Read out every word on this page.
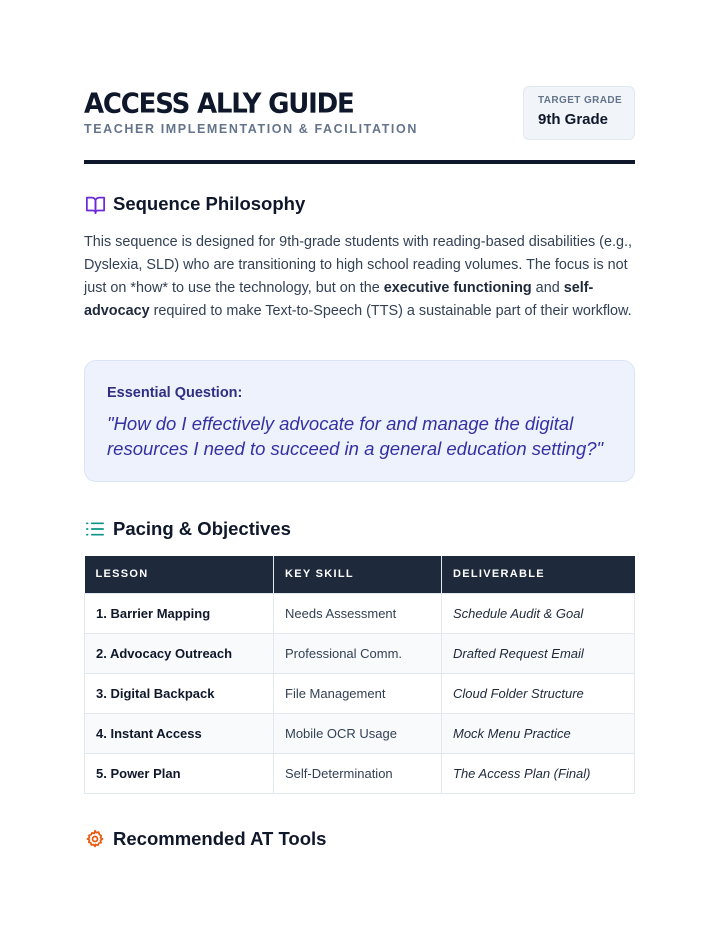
ACCESS ALLY GUIDE
TEACHER IMPLEMENTATION & FACILITATION
TARGET GRADE
9th Grade
Sequence Philosophy

This sequence is designed for 9th-grade students with reading-based disabilities (e.g., Dyslexia, SLD) who are transitioning to high school reading volumes. The focus is not just on *how* to use the technology, but on the executive functioning and self-advocacy required to make Text-to-Speech (TTS) a sustainable part of their workflow.

Essential Question:
"How do I effectively advocate for and manage the digital resources I need to succeed in a general education setting?"
Pacing & Objectives
LESSON	KEY SKILL	DELIVERABLE
1. Barrier Mapping	Needs Assessment	Schedule Audit & Goal
2. Advocacy Outreach	Professional Comm.	Drafted Request Email
3. Digital Backpack	File Management	Cloud Folder Structure
4. Instant Access	Mobile OCR Usage	Mock Menu Practice
5. Power Plan	Self-Determination	The Access Plan (Final)
Recommended AT Tools
